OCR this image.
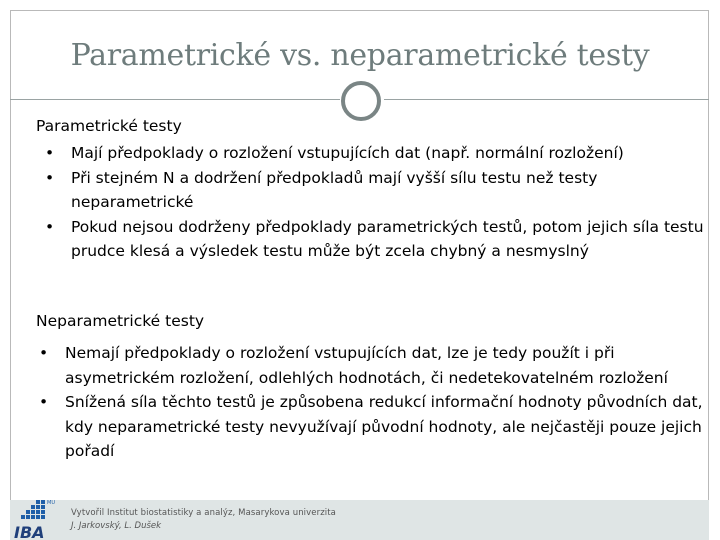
Parametrické vs. neparametrické testy
Parametrické testy
• Mají předpoklady o rozložení vstupujících dat (např. normální rozložení)
• Při stejném N a dodržení předpokladů mají vyšší sílu testu než testy neparametrické
• Pokud nejsou dodrženy předpoklady parametrických testů, potom jejich síla testu prudce klesá a výsledek testu může být zcela chybný a nesmyslný
Neparametrické testy
• Nemají předpoklady o rozložení vstupujících dat, lze je tedy použít i při asymetrickém rozložení, odlehlých hodnotách, či nedetekovatelném rozložení
• Snížená síla těchto testů je způsobena redukcí informační hodnoty původních dat, kdy neparametrické testy nevyužívají původní hodnoty, ale nejčastěji pouze jejich pořadí
MU
IBA
Vytvořil Institut biostatistiky a analýz, Masarykova univerzita
J. Jarkovský, L. Dušek
